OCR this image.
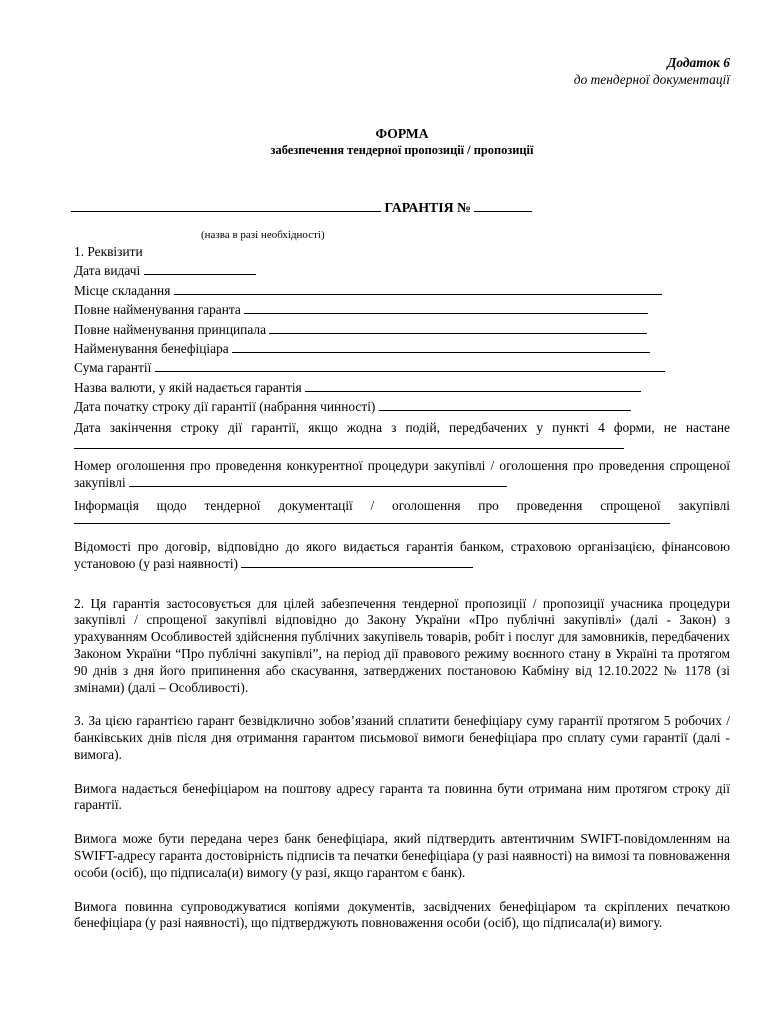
Додаток 6
до тендерної документації
ФОРМА
забезпечення тендерної пропозиції / пропозиції
ГАРАНТІЯ №
(назва в разі необхідності)
1. Реквізити
Дата видачі
Місце складання
Повне найменування гаранта
Повне найменування принципала
Найменування бенефіціара
Сума гарантії
Назва валюти, у якій надається гарантія
Дата початку строку дії гарантії (набрання чинності)
Дата закінчення строку дії гарантії, якщо жодна з подій, передбачених у пункті 4 форми, не настане
Номер оголошення про проведення конкурентної процедури закупівлі / оголошення про проведення спрощеної закупівлі
Інформація щодо тендерної документації / оголошення про проведення спрощеної закупівлі
Відомості про договір, відповідно до якого видається гарантія банком, страховою організацією, фінансовою установою (у разі наявності)
2. Ця гарантія застосовується для цілей забезпечення тендерної пропозиції / пропозиції учасника процедури закупівлі / спрощеної закупівлі відповідно до Закону України «Про публічні закупівлі» (далі - Закон) з урахуванням Особливостей здійснення публічних закупівель товарів, робіт і послуг для замовників, передбачених Законом України “Про публічні закупівлі”, на період дії правового режиму воєнного стану в Україні та протягом 90 днів з дня його припинення або скасування, затверджених постановою Кабміну від 12.10.2022 № 1178 (зі змінами) (далі – Особливості).
3. За цією гарантією гарант безвідклично зобов’язаний сплатити бенефіціару суму гарантії протягом 5 робочих / банківських днів після дня отримання гарантом письмової вимоги бенефіціара про сплату суми гарантії (далі - вимога).
Вимога надається бенефіціаром на поштову адресу гаранта та повинна бути отримана ним протягом строку дії гарантії.
Вимога може бути передана через банк бенефіціара, який підтвердить автентичним SWIFT-повідомленням на SWIFT-адресу гаранта достовірність підписів та печатки бенефіціара (у разі наявності) на вимозі та повноваження особи (осіб), що підписала(и) вимогу (у разі, якщо гарантом є банк).
Вимога повинна супроводжуватися копіями документів, засвідчених бенефіціаром та скріплених печаткою бенефіціара (у разі наявності), що підтверджують повноваження особи (осіб), що підписала(и) вимогу.
